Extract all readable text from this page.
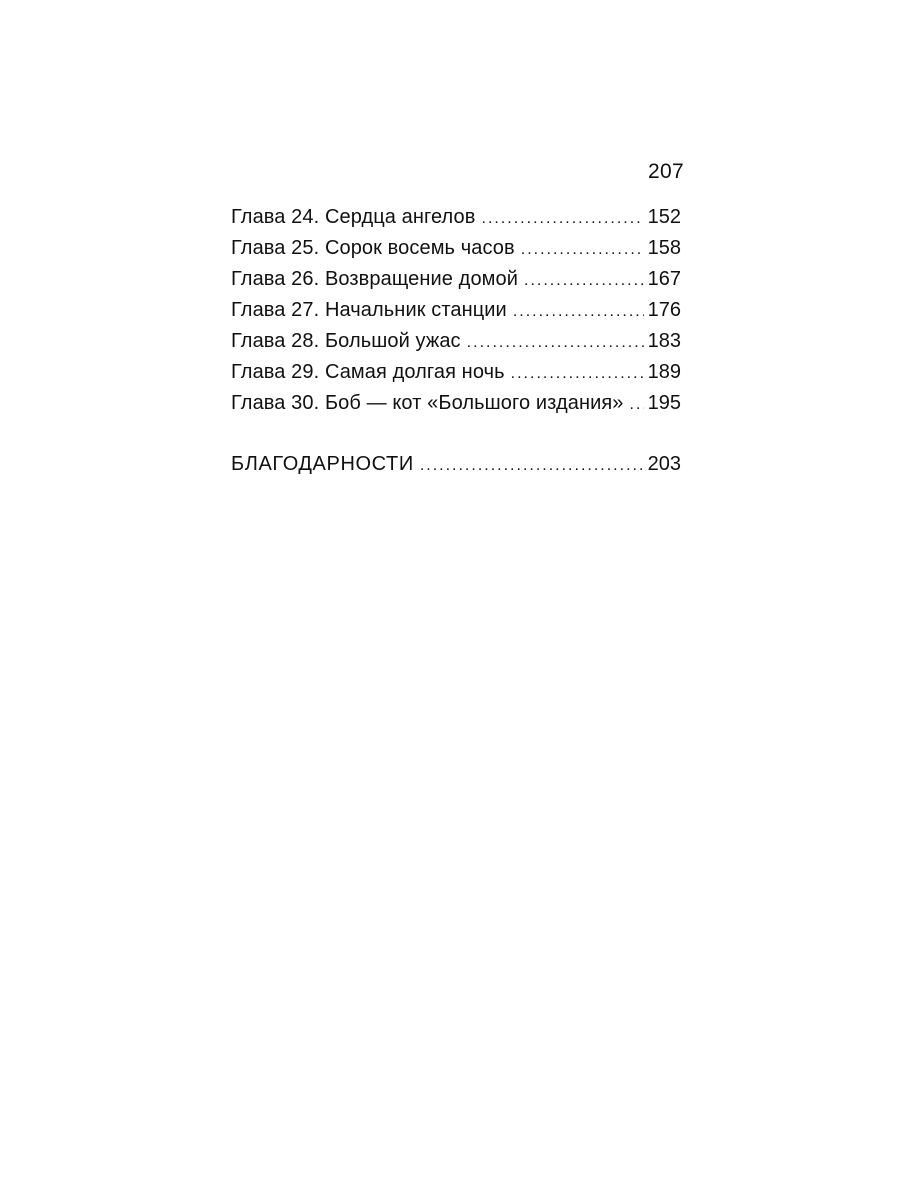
207
Глава 24. Сердца ангелов .....	152
Глава 25. Сорок восемь часов .....	158
Глава 26. Возвращение домой .....	167
Глава 27. Начальник станции .....	176
Глава 28. Большой ужас .....	183
Глава 29. Самая долгая ночь .....	189
Глава 30. Боб — кот «Большого издания» ..... 195
БЛАГОДАРНОСТИ .....	203
